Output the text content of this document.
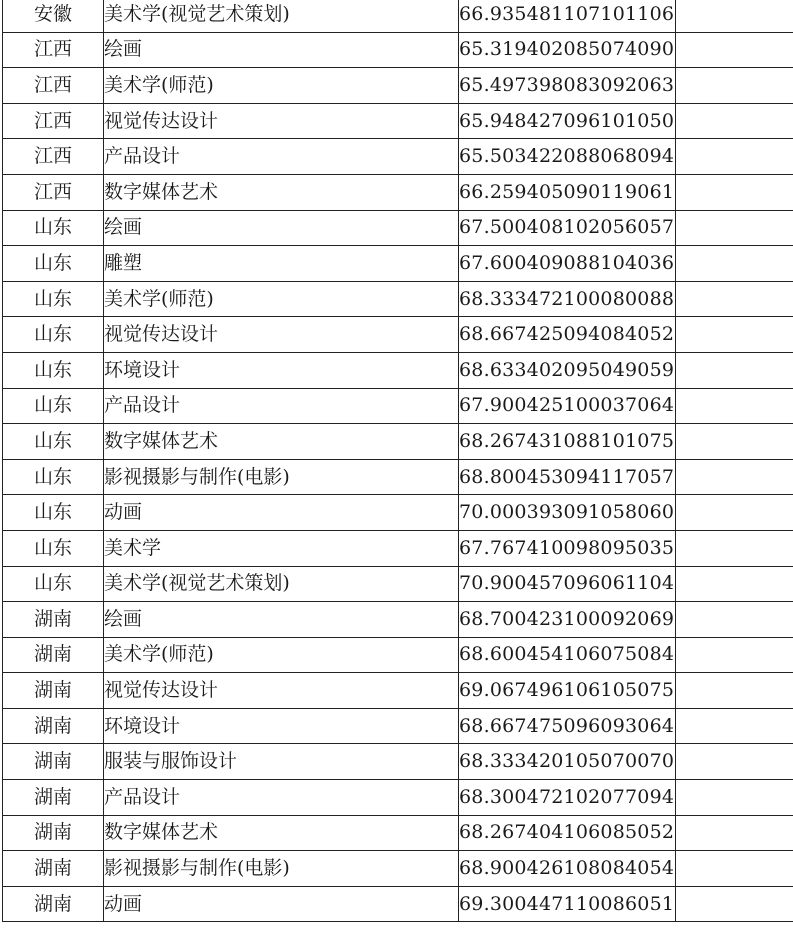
安徽	美术学(视觉艺术策划)	66.935481107101106	
江西	绘画	65.319402085074090	
江西	美术学(师范)	65.497398083092063	
江西	视觉传达设计	65.948427096101050	
江西	产品设计	65.503422088068094	
江西	数字媒体艺术	66.259405090119061	
山东	绘画	67.500408102056057	
山东	雕塑	67.600409088104036	
山东	美术学(师范)	68.333472100080088	
山东	视觉传达设计	68.667425094084052	
山东	环境设计	68.633402095049059	
山东	产品设计	67.900425100037064	
山东	数字媒体艺术	68.267431088101075	
山东	影视摄影与制作(电影)	68.800453094117057	
山东	动画	70.000393091058060	
山东	美术学	67.767410098095035	
山东	美术学(视觉艺术策划)	70.900457096061104	
湖南	绘画	68.700423100092069	
湖南	美术学(师范)	68.600454106075084	
湖南	视觉传达设计	69.067496106105075	
湖南	环境设计	68.667475096093064	
湖南	服装与服饰设计	68.333420105070070	
湖南	产品设计	68.300472102077094	
湖南	数字媒体艺术	68.267404106085052	
湖南	影视摄影与制作(电影)	68.900426108084054	
湖南	动画	69.300447110086051	
